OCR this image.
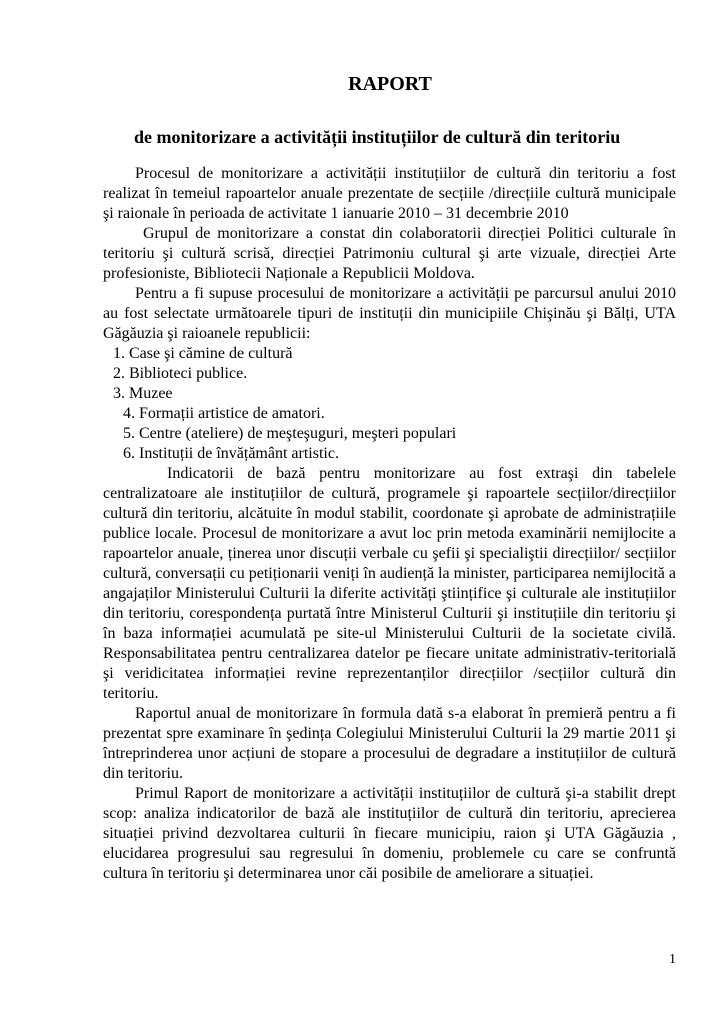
RAPORT
de monitorizare a activității instituțiilor de cultură din teritoriu

Procesul de monitorizare a activității instituțiilor de cultură din teritoriu a fost realizat în temeiul rapoartelor anuale prezentate de secțiile /direcțiile cultură municipale şi raionale în perioada de activitate 1 ianuarie 2010 – 31 decembrie 2010

Grupul de monitorizare a constat din colaboratorii direcției Politici culturale în teritoriu şi cultură scrisă, direcției Patrimoniu cultural şi arte vizuale, direcției Arte profesioniste, Bibliotecii Naționale a Republicii Moldova.

Pentru a fi supuse procesului de monitorizare a activității pe parcursul anului 2010 au fost selectate următoarele tipuri de instituții din municipiile Chişinău şi Bălți, UTA Găgăuzia şi raioanele republicii:

1. Case şi cămine de cultură
2. Biblioteci publice.
3. Muzee
4. Formații artistice de amatori.
5. Centre (ateliere) de meşteşuguri, meşteri populari
6. Instituții de învățământ artistic.

Indicatorii de bază pentru monitorizare au fost extraşi din tabelele centralizatoare ale instituțiilor de cultură, programele şi rapoartele secțiilor/direcțiilor cultură din teritoriu, alcătuite în modul stabilit, coordonate şi aprobate de administrațiile publice locale. Procesul de monitorizare a avut loc prin metoda examinării nemijlocite a rapoartelor anuale, ținerea unor discuții verbale cu şefii şi specialiştii direcțiilor/ secțiilor cultură, conversații cu petiționarii veniți în audiență la minister, participarea nemijlocită a angajaților Ministerului Culturii la diferite activități ştiințifice şi culturale ale instituțiilor din teritoriu, corespondența purtată între Ministerul Culturii şi instituțiile din teritoriu şi în baza informației acumulată pe site-ul Ministerului Culturii de la societate civilă. Responsabilitatea pentru centralizarea datelor pe fiecare unitate administrativ-teritorială şi veridicitatea informației revine reprezentanților direcțiilor /secțiilor cultură din teritoriu.

Raportul anual de monitorizare în formula dată s-a elaborat în premieră pentru a fi prezentat spre examinare în şedința Colegiului Ministerului Culturii la 29 martie 2011 şi întreprinderea unor acțiuni de stopare a procesului de degradare a instituțiilor de cultură din teritoriu.

Primul Raport de monitorizare a activității instituțiilor de cultură şi-a stabilit drept scop: analiza indicatorilor de bază ale instituțiilor de cultură din teritoriu, aprecierea situației privind dezvoltarea culturii în fiecare municipiu, raion şi UTA Găgăuzia , elucidarea progresului sau regresului în domeniu, problemele cu care se confruntă cultura în teritoriu şi determinarea unor căi posibile de ameliorare a situației.

1
